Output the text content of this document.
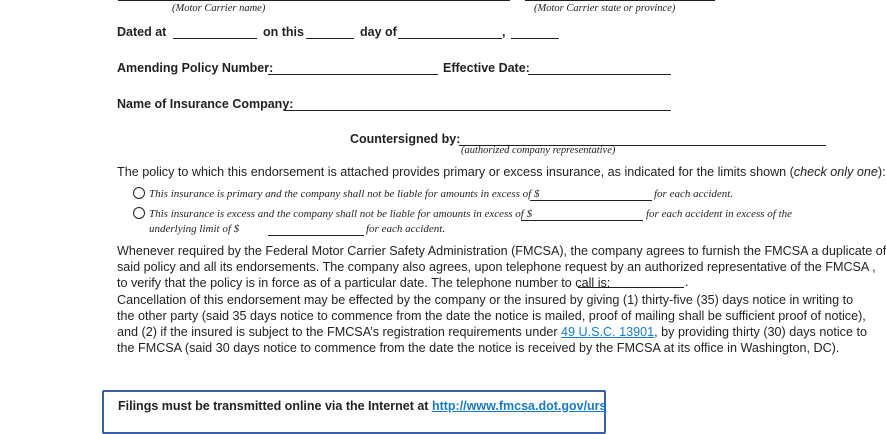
(Motor Carrier name)	(Motor Carrier state or province)
Dated at	on this	day of	,
Amending Policy Number:	Effective Date:
Name of Insurance Company:
Countersigned by:
(authorized company representative)
The policy to which this endorsement is attached provides primary or excess insurance, as indicated for the limits shown (check only one):
This insurance is primary and the company shall not be liable for amounts in excess of $	for each accident.
This insurance is excess and the company shall not be liable for amounts in excess of $	for each accident in excess of the
underlying limit of $	for each accident.
Whenever required by the Federal Motor Carrier Safety Administration (FMCSA), the company agrees to furnish the FMCSA a duplicate of
said policy and all its endorsements. The company also agrees, upon telephone request by an authorized representative of the FMCSA ,
to verify that the policy is in force as of a particular date. The telephone number to call is:	.
Cancellation of this endorsement may be effected by the company or the insured by giving (1) thirty-five (35) days notice in writing to
the other party (said 35 days notice to commence from the date the notice is mailed, proof of mailing shall be sufficient proof of notice),
and (2) if the insured is subject to the FMCSA’s registration requirements under 49 U.S.C. 13901, by providing thirty (30) days notice to
the FMCSA (said 30 days notice to commence from the date the notice is received by the FMCSA at its office in Washington, DC).
Filings must be transmitted online via the Internet at http://www.fmcsa.dot.gov/urs
